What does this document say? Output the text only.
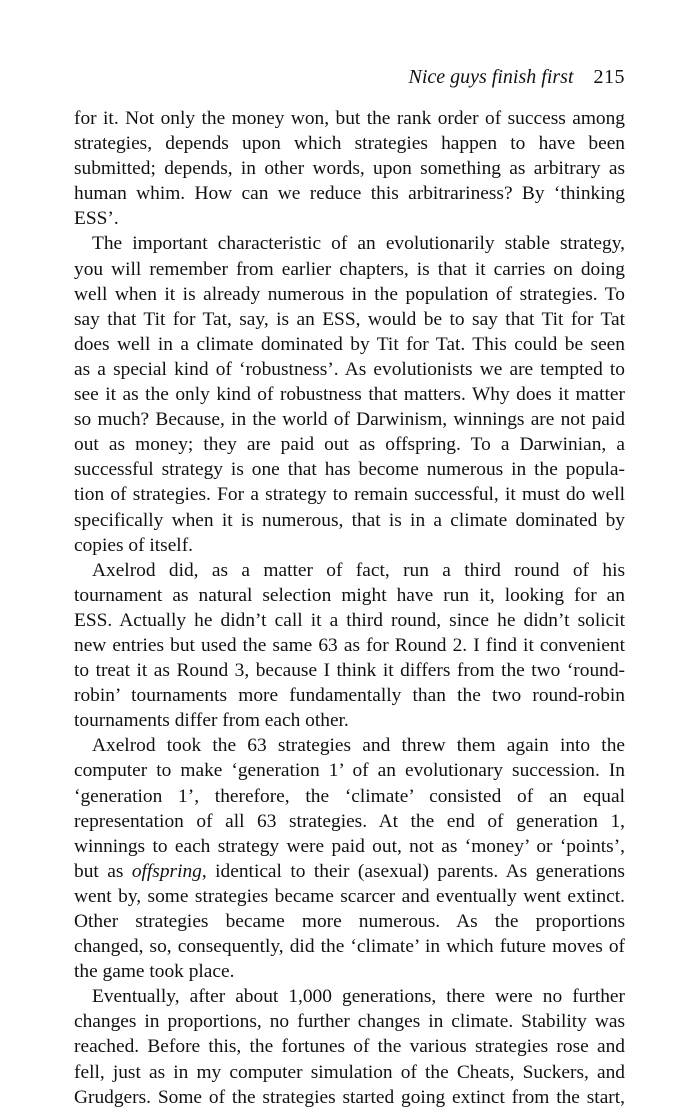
Nice guys finish first 215
for it. Not only the money won, but the rank order of success among
strategies, depends upon which strategies happen to have been
submitted; depends, in other words, upon something as arbitrary as
human whim. How can we reduce this arbitrariness? By ‘thinking
ESS’.
The important characteristic of an evolutionarily stable strategy,
you will remember from earlier chapters, is that it carries on doing
well when it is already numerous in the population of strategies. To
say that Tit for Tat, say, is an ESS, would be to say that Tit for Tat
does well in a climate dominated by Tit for Tat. This could be seen
as a special kind of ‘robustness’. As evolutionists we are tempted to
see it as the only kind of robustness that matters. Why does it matter
so much? Because, in the world of Darwinism, winnings are not paid
out as money; they are paid out as offspring. To a Darwinian, a
successful strategy is one that has become numerous in the popula-
tion of strategies. For a strategy to remain successful, it must do well
specifically when it is numerous, that is in a climate dominated by
copies of itself.
Axelrod did, as a matter of fact, run a third round of his
tournament as natural selection might have run it, looking for an
ESS. Actually he didn’t call it a third round, since he didn’t solicit
new entries but used the same 63 as for Round 2. I find it convenient
to treat it as Round 3, because I think it differs from the two ‘round-
robin’ tournaments more fundamentally than the two round-robin
tournaments differ from each other.
Axelrod took the 63 strategies and threw them again into the
computer to make ‘generation 1’ of an evolutionary succession. In
‘generation 1’, therefore, the ‘climate’ consisted of an equal
representation of all 63 strategies. At the end of generation 1,
winnings to each strategy were paid out, not as ‘money’ or ‘points’,
but as offspring, identical to their (asexual) parents. As generations
went by, some strategies became scarcer and eventually went extinct.
Other strategies became more numerous. As the proportions
changed, so, consequently, did the ‘climate’ in which future moves of
the game took place.
Eventually, after about 1,000 generations, there were no further
changes in proportions, no further changes in climate. Stability was
reached. Before this, the fortunes of the various strategies rose and
fell, just as in my computer simulation of the Cheats, Suckers, and
Grudgers. Some of the strategies started going extinct from the start,
